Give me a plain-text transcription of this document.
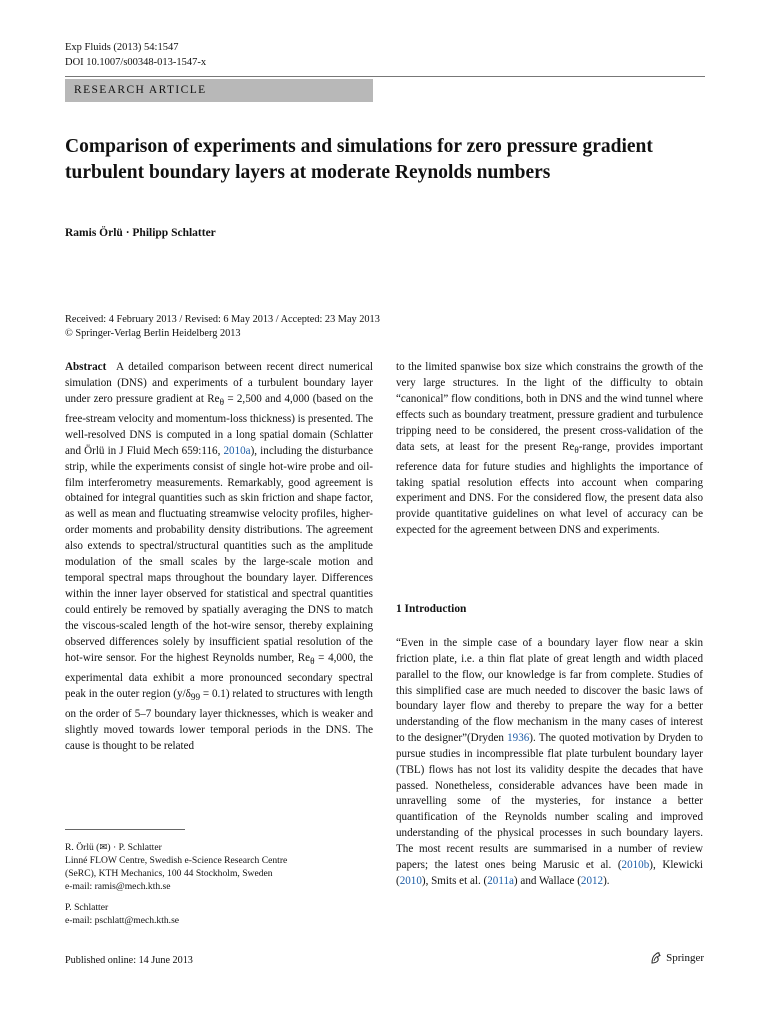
Exp Fluids (2013) 54:1547
DOI 10.1007/s00348-013-1547-x
RESEARCH ARTICLE
Comparison of experiments and simulations for zero pressure gradient turbulent boundary layers at moderate Reynolds numbers
Ramis Örlü · Philipp Schlatter
Received: 4 February 2013 / Revised: 6 May 2013 / Accepted: 23 May 2013
© Springer-Verlag Berlin Heidelberg 2013

Abstract A detailed comparison between recent direct numerical simulation (DNS) and experiments of a turbulent boundary layer under zero pressure gradient at $Re_\theta = 2,500$ and 4,000 (based on the free-stream velocity and momentum-loss thickness) is presented. The well-resolved DNS is computed in a long spatial domain (Schlatter and Örlü in J Fluid Mech 659:116, 2010a), including the disturbance strip, while the experiments consist of single hot-wire probe and oil-film interferometry measurements. Remarkably, good agreement is obtained for integral quantities such as skin friction and shape factor, as well as mean and fluctuating streamwise velocity profiles, higher-order moments and probability density distributions. The agreement also extends to spectral/structural quantities such as the amplitude modulation of the small scales by the large-scale motion and temporal spectral maps throughout the boundary layer. Differences within the inner layer observed for statistical and spectral quantities could entirely be removed by spatially averaging the DNS to match the viscous-scaled length of the hot-wire sensor, thereby explaining observed differences solely by insufficient spatial resolution of the hot-wire sensor. For the highest Reynolds number, $Re_\theta = 4,000$, the experimental data exhibit a more pronounced secondary spectral peak in the outer region $(y/\delta_{99} = 0.1)$ related to structures with length on the order of 5–7 boundary layer thicknesses, which is weaker and slightly moved towards lower temporal periods in the DNS. The cause is thought to be related

to the limited spanwise box size which constrains the growth of the very large structures. In the light of the difficulty to obtain “canonical” flow conditions, both in DNS and the wind tunnel where effects such as boundary treatment, pressure gradient and turbulence tripping need to be considered, the present cross-validation of the data sets, at least for the present $Re_\theta$-range, provides important reference data for future studies and highlights the importance of taking spatial resolution effects into account when comparing experiment and DNS. For the considered flow, the present data also provide quantitative guidelines on what level of accuracy can be expected for the agreement between DNS and experiments.

1 Introduction

“Even in the simple case of a boundary layer flow near a skin friction plate, i.e. a thin flat plate of great length and width placed parallel to the flow, our knowledge is far from complete. Studies of this simplified case are much needed to discover the basic laws of boundary layer flow and thereby to prepare the way for a better understanding of the flow mechanism in the many cases of interest to the designer”(Dryden 1936). The quoted motivation by Dryden to pursue studies in incompressible flat plate turbulent boundary layer (TBL) flows has not lost its validity despite the decades that have passed. Nonetheless, considerable advances have been made in unravelling some of the mysteries, for instance a better quantification of the Reynolds number scaling and improved understanding of the physical processes in such boundary layers. The most recent results are summarised in a number of review papers; the latest ones being Marusic et al. (2010b), Klewicki (2010), Smits et al. (2011a) and Wallace (2012).

R. Örlü (✉) · P. Schlatter
Linné FLOW Centre, Swedish e-Science Research Centre
(SeRC), KTH Mechanics, 100 44 Stockholm, Sweden
e-mail: ramis@mech.kth.se
P. Schlatter
e-mail: pschlatt@mech.kth.se
Published online: 14 June 2013	Springer
